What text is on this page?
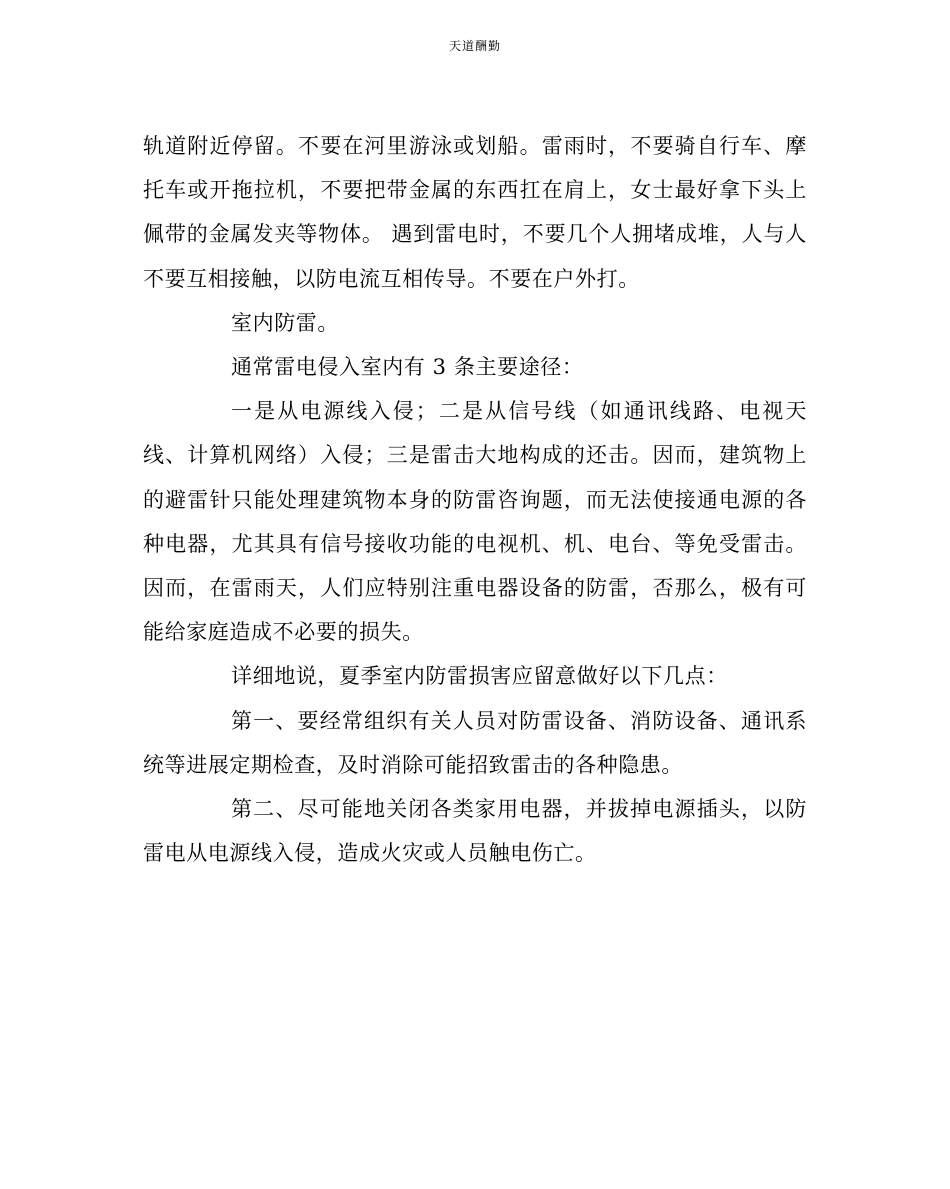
天道酬勤

轨道附近停留。不要在河里游泳或划船。雷雨时，不要骑自行车、摩托车或开拖拉机，不要把带金属的东西扛在肩上，女士最好拿下头上佩带的金属发夹等物体。 遇到雷电时，不要几个人拥堵成堆，人与人不要互相接触，以防电流互相传导。不要在户外打。

室内防雷。

通常雷电侵入室内有 3 条主要途径：

一是从电源线入侵；二是从信号线（如通讯线路、电视天线、计算机网络）入侵；三是雷击大地构成的还击。因而，建筑物上的避雷针只能处理建筑物本身的防雷咨询题，而无法使接通电源的各种电器，尤其具有信号接收功能的电视机、机、电台、等免受雷击。因而，在雷雨天，人们应特别注重电器设备的防雷，否那么，极有可能给家庭造成不必要的损失。

详细地说，夏季室内防雷损害应留意做好以下几点：

第一、要经常组织有关人员对防雷设备、消防设备、通讯系统等进展定期检查，及时消除可能招致雷击的各种隐患。

第二、尽可能地关闭各类家用电器，并拔掉电源插头，以防雷电从电源线入侵，造成火灾或人员触电伤亡。
